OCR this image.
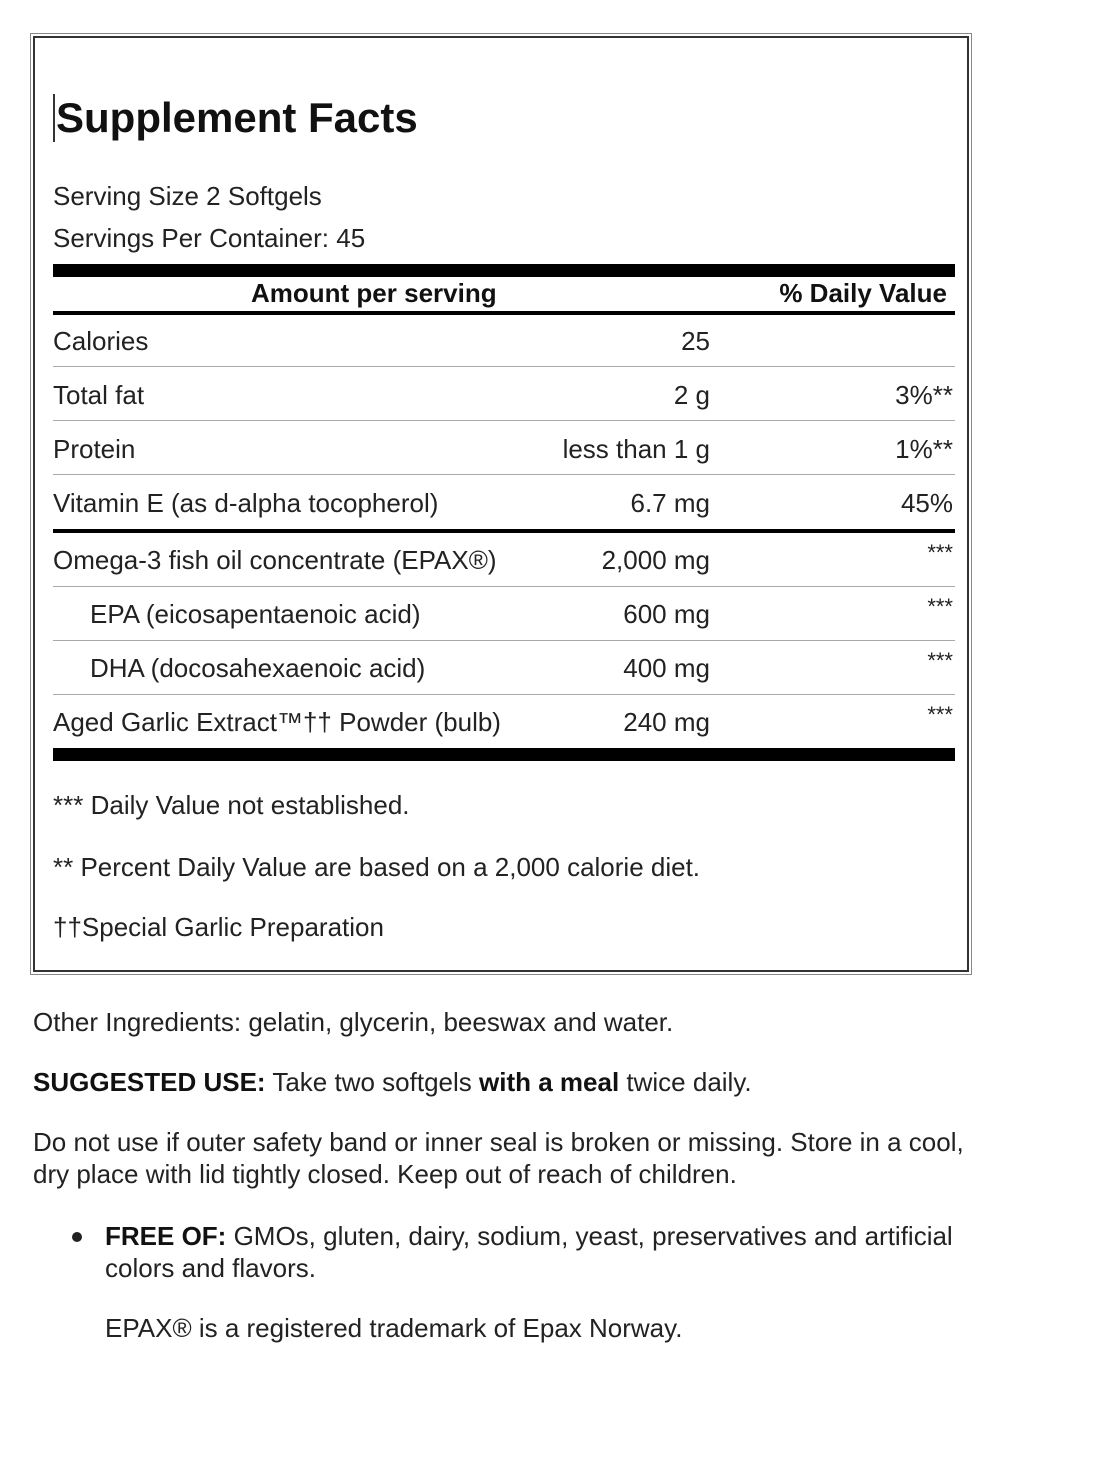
Supplement Facts
Serving Size 2 Softgels
Servings Per Container: 45
Amount per serving	% Daily Value
Calories	25
Total fat	2 g	3%**
Protein	less than 1 g	1%**
Vitamin E (as d-alpha tocopherol)	6.7 mg	45%
Omega-3 fish oil concentrate (EPAX®)	2,000 mg	***
EPA (eicosapentaenoic acid)	600 mg	***
DHA (docosahexaenoic acid)	400 mg	***
Aged Garlic Extract™†† Powder (bulb)	240 mg	***
*** Daily Value not established.
** Percent Daily Value are based on a 2,000 calorie diet.
††Special Garlic Preparation
Other Ingredients: gelatin, glycerin, beeswax and water.
SUGGESTED USE: Take two softgels with a meal twice daily.
Do not use if outer safety band or inner seal is broken or missing. Store in a cool, dry place with lid tightly closed. Keep out of reach of children.
FREE OF: GMOs, gluten, dairy, sodium, yeast, preservatives and artificial colors and flavors.
EPAX® is a registered trademark of Epax Norway.
